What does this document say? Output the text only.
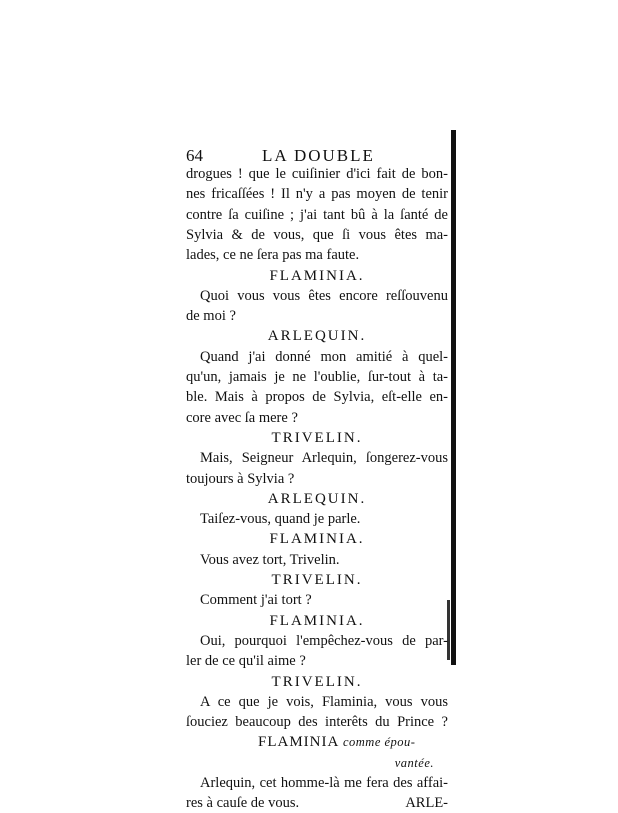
64	LA DOUBLE
drogues ! que le cuiſinier d'ici fait de bon-
nes fricaſſées ! Il n'y a pas moyen de tenir
contre ſa cuiſine ; j'ai tant bû à la ſanté de
Sylvia & de vous, que ſi vous êtes ma-
lades, ce ne ſera pas ma faute.
FLAMINIA.
Quoi vous vous êtes encore reſſouvenu
de moi ?
ARLEQUIN.
Quand j'ai donné mon amitié à quel-
qu'un, jamais je ne l'oublie, ſur-tout à ta-
ble. Mais à propos de Sylvia, eſt-elle en-
core avec ſa mere ?
TRIVELIN.
Mais, Seigneur Arlequin, ſongerez-vous
toujours à Sylvia ?
ARLEQUIN.
Taiſez-vous, quand je parle.
FLAMINIA.
Vous avez tort, Trivelin.
TRIVELIN.
Comment j'ai tort ?
FLAMINIA.
Oui, pourquoi l'empêchez-vous de par-
ler de ce qu'il aime ?
TRIVELIN.
A ce que je vois, Flaminia, vous vous
ſouciez beaucoup des interêts du Prince ?
FLAMINIA comme épou-
vantée.
Arlequin, cet homme-là me fera des affai-
res à cauſe de vous.	ARLE-
